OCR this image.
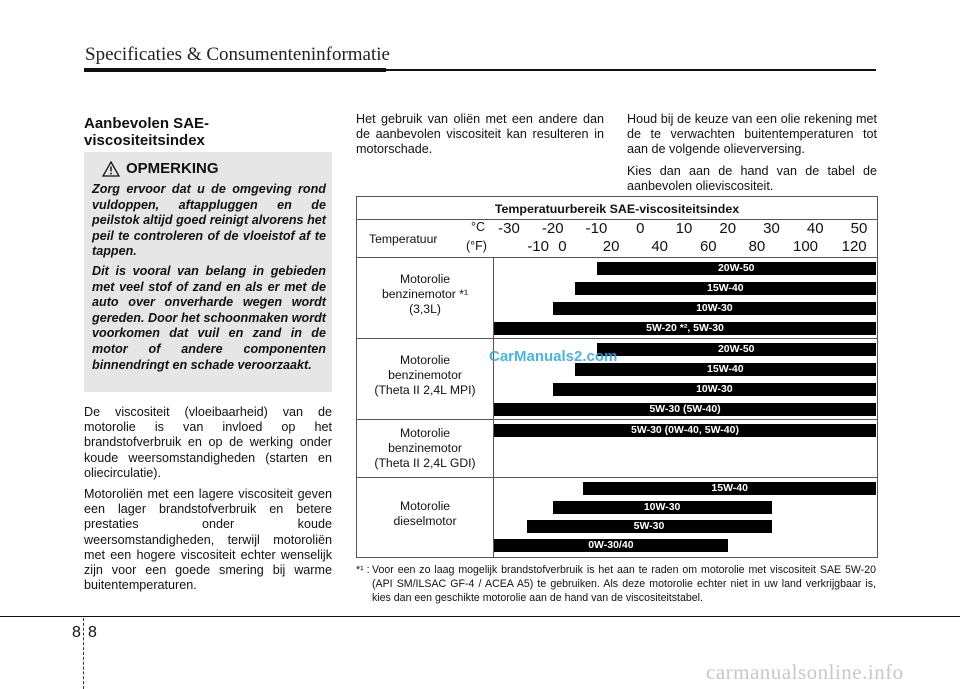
Specificaties & Consumenteninformatie
Aanbevolen SAE-
viscositeitsindex
OPMERKING

Zorg ervoor dat u de omgeving rond vuldoppen, aftappluggen en de peilstok altijd goed reinigt alvorens het peil te controleren of de vloeistof af te tappen.

Dit is vooral van belang in gebieden met veel stof of zand en als er met de auto over onverharde wegen wordt gereden. Door het schoonmaken wordt voorkomen dat vuil en zand in de motor of andere componenten binnendringt en schade veroorzaakt.

De viscositeit (vloeibaarheid) van de motorolie is van invloed op het brandstofverbruik en op de werking onder koude weersomstandigheden (starten en oliecirculatie).

Motoroliën met een lagere viscositeit geven een lager brandstofverbruik en betere prestaties onder koude weersomstandigheden, terwijl motoroliën met een hogere viscositeit echter wenselijk zijn voor een goede smering bij warme buitentemperaturen.

Het gebruik van oliën met een andere dan de aanbevolen viscositeit kan resulteren in motorschade.

Houd bij de keuze van een olie rekening met de te verwachten buitentemperaturen tot aan de volgende olieverversing.

Kies dan aan de hand van de tabel de aanbevolen olieviscositeit.

Temperatuurbereik SAE-viscositeitsindex
Temperatuur
°C
(°F)
-30 -20 -10 0 10 20 30 40 50
-10 0 20 40 60 80 100 120
Motorolie
benzinemotor *¹
(3,3L)
20W-50
15W-40
10W-30
5W-20 *², 5W-30
Motorolie
benzinemotor
(Theta II 2,4L MPI)
20W-50
15W-40
10W-30
5W-30 (5W-40)
Motorolie
benzinemotor
(Theta II 2,4L GDI)
5W-30 (0W-40, 5W-40)
Motorolie
dieselmotor
15W-40
10W-30
5W-30
0W-30/40
CarManuals2.com
*¹ : Voor een zo laag mogelijk brandstofverbruik is het aan te raden om motorolie met viscositeit SAE 5W-20 (API SM/ILSAC GF-4 / ACEA A5) te gebruiken. Als deze motorolie echter niet in uw land verkrijgbaar is, kies dan een geschikte motorolie aan de hand van de viscositeitstabel.
8 8
carmanualsonline.info
